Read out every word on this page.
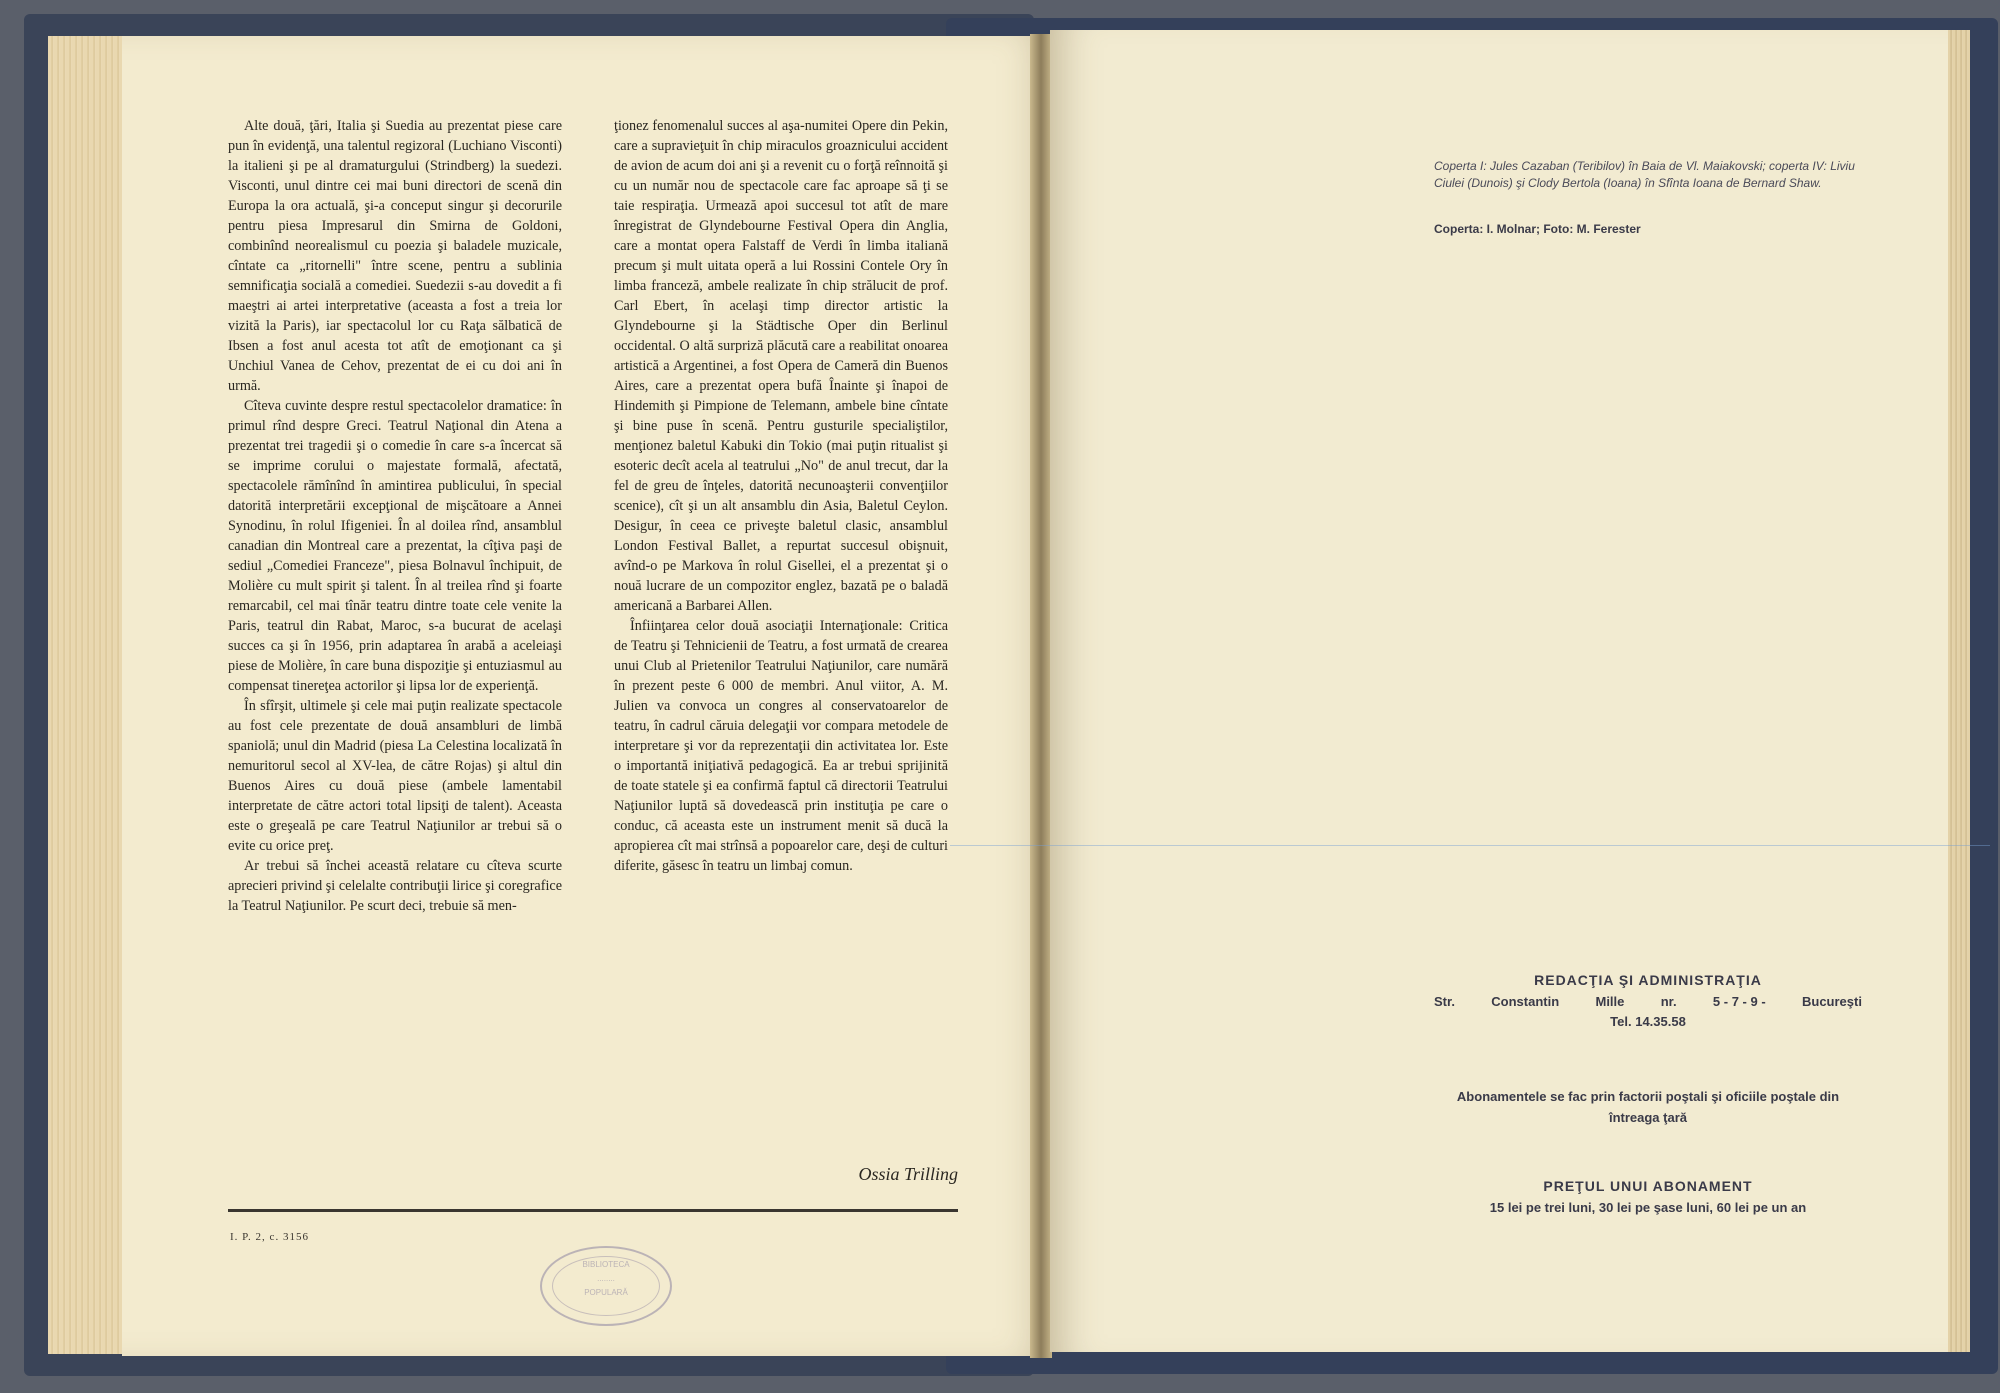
Alte două, ţări, Italia şi Suedia au prezentat piese care pun în evidenţă, una talentul regizoral (Luchiano Visconti) la italieni şi pe al dramaturgului (Strindberg) la suedezi. Visconti, unul dintre cei mai buni directori de scenă din Europa la ora actuală, şi-a conceput singur şi decorurile pentru piesa Impresarul din Smirna de Goldoni, combinînd neorealismul cu poezia şi baladele muzicale, cîntate ca „ritornelli" între scene, pentru a sublinia semnificaţia socială a comediei. Suedezii s-au dovedit a fi maeştri ai artei interpretative (aceasta a fost a treia lor vizită la Paris), iar spectacolul lor cu Raţa sălbatică de Ibsen a fost anul acesta tot atît de emoţionant ca şi Unchiul Vanea de Cehov, prezentat de ei cu doi ani în urmă.

Cîteva cuvinte despre restul spectacolelor dramatice: în primul rînd despre Greci. Teatrul Naţional din Atena a prezentat trei tragedii şi o comedie în care s-a încercat să se imprime corului o majestate formală, afectată, spectacolele rămînînd în amintirea publicului, în special datorită interpretării excepţional de mişcătoare a Annei Synodinu, în rolul Ifigeniei. În al doilea rînd, ansamblul canadian din Montreal care a prezentat, la cîţiva paşi de sediul „Comediei Franceze", piesa Bolnavul închipuit, de Molière cu mult spirit şi talent. În al treilea rînd şi foarte remarcabil, cel mai tînăr teatru dintre toate cele venite la Paris, teatrul din Rabat, Maroc, s-a bucurat de acelaşi succes ca şi în 1956, prin adaptarea în arabă a aceleiaşi piese de Molière, în care buna dispoziţie şi entuziasmul au compensat tinereţea actorilor şi lipsa lor de experienţă.

În sfîrşit, ultimele şi cele mai puţin realizate spectacole au fost cele prezentate de două ansambluri de limbă spaniolă; unul din Madrid (piesa La Celestina localizată în nemuritorul secol al XV-lea, de către Rojas) şi altul din Buenos Aires cu două piese (ambele lamentabil interpretate de către actori total lipsiţi de talent). Aceasta este o greşeală pe care Teatrul Naţiunilor ar trebui să o evite cu orice preţ.

Ar trebui să închei această relatare cu cîteva scurte aprecieri privind şi celelalte contribuţii lirice şi coregrafice la Teatrul Naţiunilor. Pe scurt deci, trebuie să men-

ţionez fenomenalul succes al aşa-numitei Opere din Pekin, care a supravieţuit în chip miraculos groaznicului accident de avion de acum doi ani şi a revenit cu o forţă reînnoită şi cu un număr nou de spectacole care fac aproape să ţi se taie respiraţia. Urmează apoi succesul tot atît de mare înregistrat de Glyndebourne Festival Opera din Anglia, care a montat opera Falstaff de Verdi în limba italiană precum şi mult uitata operă a lui Rossini Contele Ory în limba franceză, ambele realizate în chip strălucit de prof. Carl Ebert, în acelaşi timp director artistic la Glyndebourne şi la Städtische Oper din Berlinul occidental. O altă surpriză plăcută care a reabilitat onoarea artistică a Argentinei, a fost Opera de Cameră din Buenos Aires, care a prezentat opera bufă Înainte şi înapoi de Hindemith şi Pimpione de Telemann, ambele bine cîntate şi bine puse în scenă. Pentru gusturile specialiştilor, menţionez baletul Kabuki din Tokio (mai puţin ritualist şi esoteric decît acela al teatrului „No" de anul trecut, dar la fel de greu de înţeles, datorită necunoaşterii convenţiilor scenice), cît şi un alt ansamblu din Asia, Baletul Ceylon. Desigur, în ceea ce priveşte baletul clasic, ansamblul London Festival Ballet, a repurtat succesul obişnuit, avînd-o pe Markova în rolul Gisellei, el a prezentat şi o nouă lucrare de un compozitor englez, bazată pe o baladă americană a Barbarei Allen.

Înfiinţarea celor două asociaţii Internaţionale: Critica de Teatru şi Tehnicienii de Teatru, a fost urmată de crearea unui Club al Prietenilor Teatrului Naţiunilor, care numără în prezent peste 6 000 de membri. Anul viitor, A. M. Julien va convoca un congres al conservatoarelor de teatru, în cadrul căruia delegaţii vor compara metodele de interpretare şi vor da reprezentaţii din activitatea lor. Este o importantă iniţiativă pedagogică. Ea ar trebui sprijinită de toate statele şi ea confirmă faptul că directorii Teatrului Naţiunilor luptă să dovedească prin instituţia pe care o conduc, că aceasta este un instrument menit să ducă la apropierea cît mai strînsă a popoarelor care, deşi de culturi diferite, găsesc în teatru un limbaj comun.

Ossia Trilling
I. P. 2, c. 3156
BIBLIOTECA
........
POPULARĂ
Coperta I: Jules Cazaban (Teribilov) în Baia de Vl. Maiakovski; coperta IV: Liviu Ciulei (Dunois) şi Clody Bertola (Ioana) în Sfînta Ioana de Bernard Shaw.
Coperta: I. Molnar; Foto: M. Ferester
REDACŢIA ŞI ADMINISTRAŢIA
Str.	Constantin	Mille	nr.	5 - 7 - 9 -	Bucureşti
Tel. 14.35.58
Abonamentele se fac prin factorii poştali şi oficiile poştale din întreaga ţară
PREŢUL UNUI ABONAMENT
15 lei pe trei luni, 30 lei pe şase luni, 60 lei pe un an
